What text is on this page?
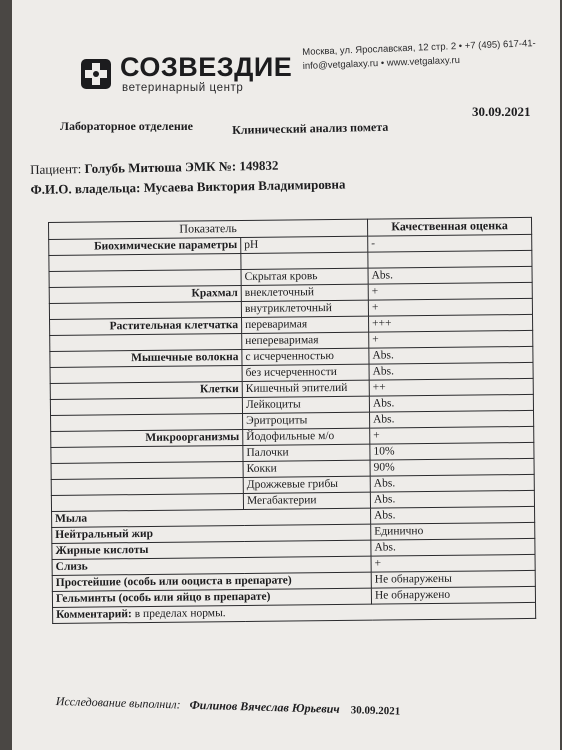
СОЗВЕЗДИЕ
ветеринарный центр
Москва, ул. Ярославская, 12 стр. 2 • +7 (495) 617-41-
info@vetgalaxy.ru • www.vetgalaxy.ru
30.09.2021
Лабораторное отделение	Клинический анализ помета
Пациент: Голубь Митюша ЭМК №: 149832
Ф.И.О. владельца: Мусаева Виктория Владимировна
Показатель		Качественная оценка
Биохимические параметры	pH	-

	Скрытая кровь	Abs.
Крахмал	внеклеточный	+
	внутриклеточный	+
Растительная клетчатка	переваримая	+++
	непереваримая	+
Мышечные волокна	с исчерченностью	Abs.
	без исчерченности	Abs.
Клетки	Кишечный эпителий	++
	Лейкоциты	Abs.
	Эритроциты	Abs.
Микроорганизмы	Йодофильные м/о	+
	Палочки	10%
	Кокки	90%
	Дрожжевые грибы	Abs.
	Мегабактерии	Abs.
Мыла		Abs.
Нейтральный жир		Единично
Жирные кислоты		Abs.
Слизь		+
Простейшие (особь или ооциста в препарате)		Не обнаружены
Гельминты (особь или яйцо в препарате)		Не обнаружено
Комментарий: в пределах нормы.		
Исследование выполнил: Филинов Вячеслав Юрьевич 30.09.2021
